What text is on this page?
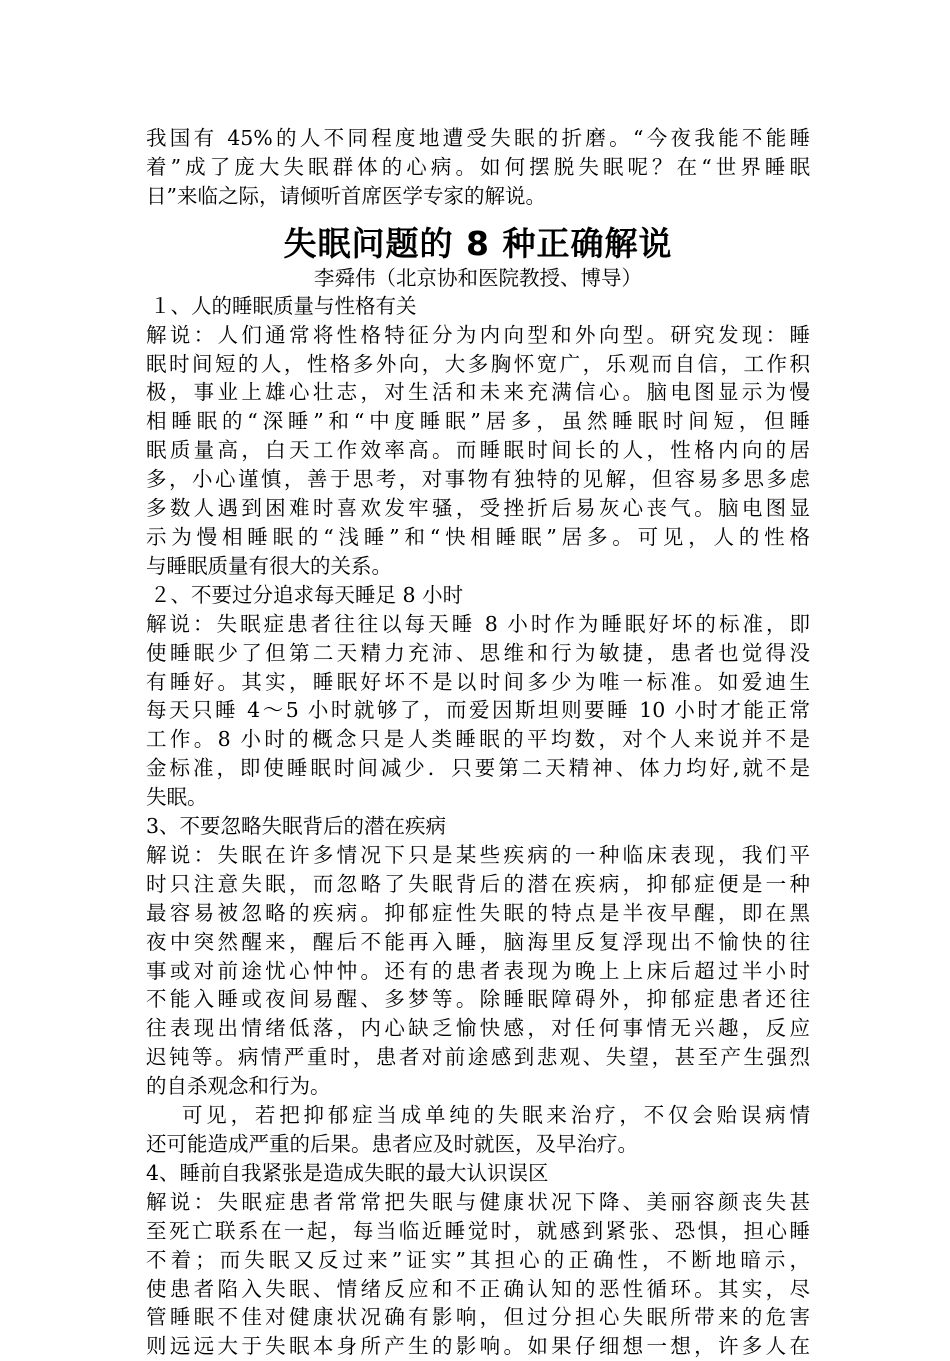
我国有 45%的人不同程度地遭受失眠的折磨。“今夜我能不能睡
着”成了庞大失眠群体的心病。如何摆脱失眠呢？在“世界睡眠
日”来临之际，请倾听首席医学专家的解说。
失眠问题的 8 种正确解说
李舜伟（北京协和医院教授、博导）
１、人的睡眠质量与性格有关
解说：人们通常将性格特征分为内向型和外向型。研究发现：睡
眠时间短的人，性格多外向，大多胸怀宽广，乐观而自信，工作积
极，事业上雄心壮志，对生活和未来充满信心。脑电图显示为慢
相睡眠的“深睡”和“中度睡眠”居多，虽然睡眠时间短，但睡
眠质量高，白天工作效率高。而睡眠时间长的人，性格内向的居
多，小心谨慎，善于思考，对事物有独特的见解，但容易多思多虑
多数人遇到困难时喜欢发牢骚，受挫折后易灰心丧气。脑电图显
示为慢相睡眠的“浅睡”和“快相睡眠”居多。可见，人的性格
与睡眠质量有很大的关系。
２、不要过分追求每天睡足 8 小时
解说：失眠症患者往往以每天睡 8 小时作为睡眠好坏的标准，即
使睡眠少了但第二天精力充沛、思维和行为敏捷，患者也觉得没
有睡好。其实，睡眠好坏不是以时间多少为唯一标准。如爱迪生
每天只睡 4～5 小时就够了，而爱因斯坦则要睡 10 小时才能正常
工作。8 小时的概念只是人类睡眠的平均数，对个人来说并不是
金标准，即使睡眠时间减少．只要第二天精神、体力均好,就不是
失眠。
3、不要忽略失眠背后的潜在疾病
解说：失眠在许多情况下只是某些疾病的一种临床表现，我们平
时只注意失眠，而忽略了失眠背后的潜在疾病，抑郁症便是一种
最容易被忽略的疾病。抑郁症性失眠的特点是半夜早醒，即在黑
夜中突然醒来，醒后不能再入睡，脑海里反复浮现出不愉快的往
事或对前途忧心忡忡。还有的患者表现为晚上上床后超过半小时
不能入睡或夜间易醒、多梦等。除睡眠障碍外，抑郁症患者还往
往表现出情绪低落，内心缺乏愉快感，对任何事情无兴趣，反应
迟钝等。病情严重时，患者对前途感到悲观、失望，甚至产生强烈
的自杀观念和行为。
可见，若把抑郁症当成单纯的失眠来治疗，不仅会贻误病情
还可能造成严重的后果。患者应及时就医，及早治疗。
4、睡前自我紧张是造成失眠的最大认识误区
解说：失眠症患者常常把失眠与健康状况下降、美丽容颜丧失甚
至死亡联系在一起，每当临近睡觉时，就感到紧张、恐惧，担心睡
不着；而失眠又反过来”证实”其担心的正确性，不断地暗示，
使患者陷入失眠、情绪反应和不正确认知的恶性循环。其实，尽
管睡眠不佳对健康状况确有影响，但过分担心失眠所带来的危害
则远远大于失眠本身所产生的影响。如果仔细想一想，许多人在
